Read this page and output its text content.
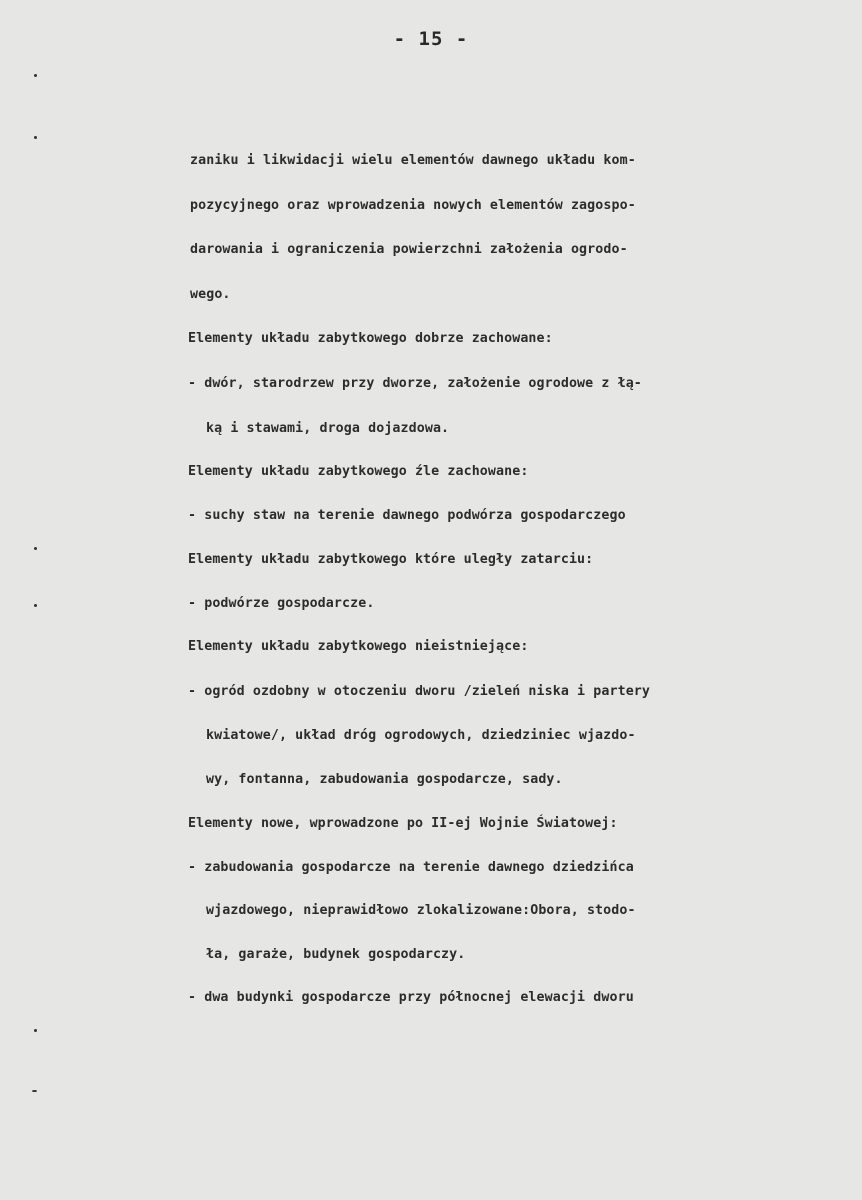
- 15 -
zaniku i likwidacji wielu elementów dawnego układu kom-
pozycyjnego oraz wprowadzenia nowych elementów zagospo-
darowania i ograniczenia powierzchni założenia ogrodo-
wego.
Elementy układu zabytkowego dobrze zachowane:
- dwór, starodrzew przy dworze, założenie ogrodowe z łą-
ką i stawami, droga dojazdowa.
Elementy układu zabytkowego źle zachowane:
- suchy staw na terenie dawnego podwórza gospodarczego
Elementy układu zabytkowego które uległy zatarciu:
- podwórze gospodarcze.
Elementy układu zabytkowego nieistniejące:
- ogród ozdobny w otoczeniu dworu /zieleń niska i partery
kwiatowe/, układ dróg ogrodowych, dziedziniec wjazdo-
wy, fontanna, zabudowania gospodarcze, sady.
Elementy nowe, wprowadzone po II-ej Wojnie Światowej:
- zabudowania gospodarcze na terenie dawnego dziedzińca
wjazdowego, nieprawidłowo zlokalizowane:Obora, stodo-
ła, garaże, budynek gospodarczy.
- dwa budynki gospodarcze przy północnej elewacji dworu
